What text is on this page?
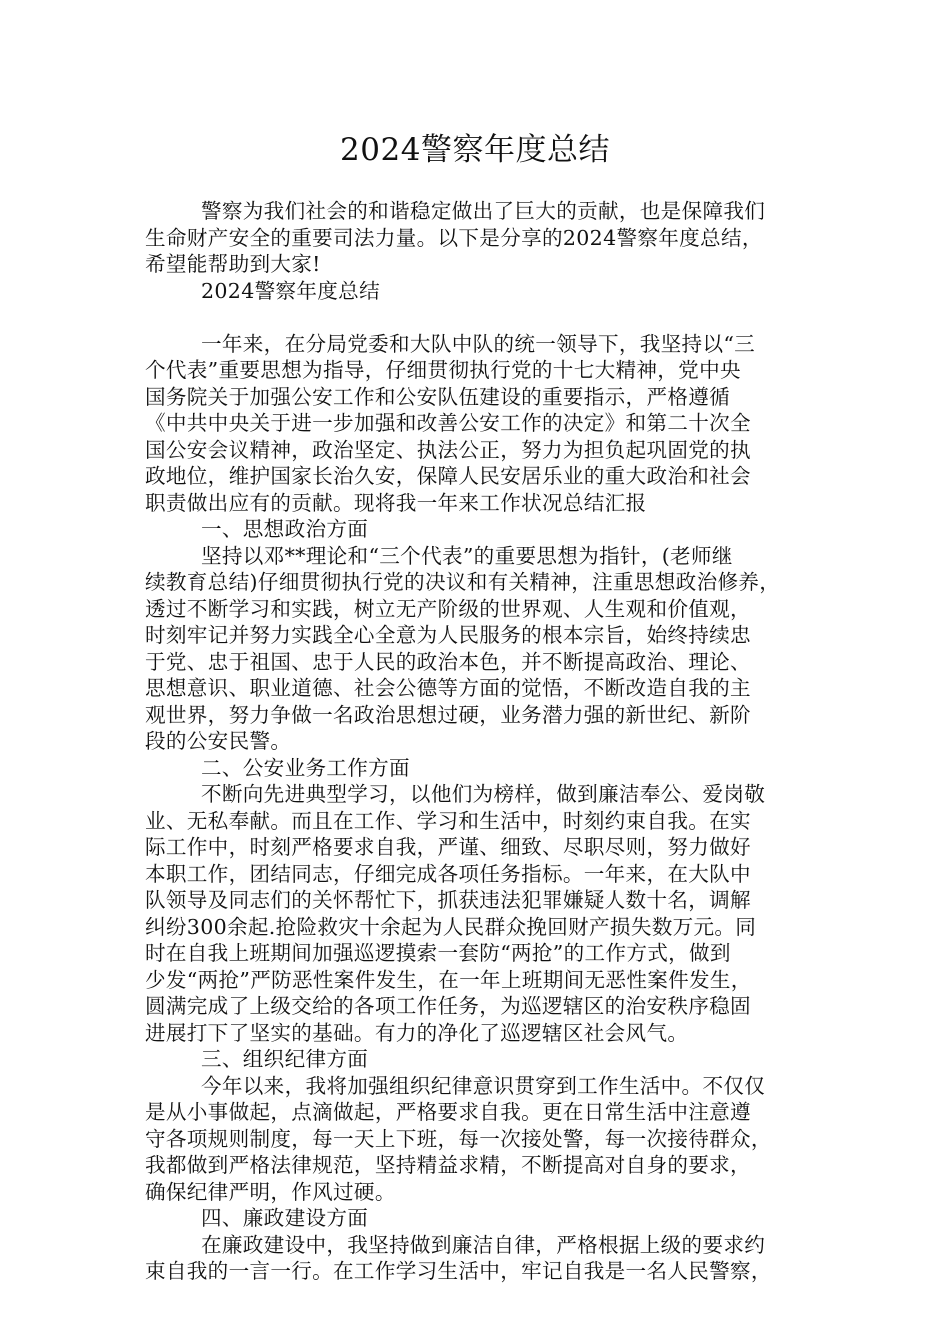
2024警察年度总结
警察为我们社会的和谐稳定做出了巨大的贡献，也是保障我们
生命财产安全的重要司法力量。以下是分享的2024警察年度总结，
希望能帮助到大家!
2024警察年度总结
一年来，在分局党委和大队中队的统一领导下，我坚持以“三
个代表”重要思想为指导，仔细贯彻执行党的十七大精神，党中央
国务院关于加强公安工作和公安队伍建设的重要指示，严格遵循
《中共中央关于进一步加强和改善公安工作的决定》和第二十次全
国公安会议精神，政治坚定、执法公正，努力为担负起巩固党的执
政地位，维护国家长治久安，保障人民安居乐业的重大政治和社会
职责做出应有的贡献。现将我一年来工作状况总结汇报
一、思想政治方面
坚持以邓**理论和“三个代表”的重要思想为指针，(老师继
续教育总结)仔细贯彻执行党的决议和有关精神，注重思想政治修养，
透过不断学习和实践，树立无产阶级的世界观、人生观和价值观，
时刻牢记并努力实践全心全意为人民服务的根本宗旨，始终持续忠
于党、忠于祖国、忠于人民的政治本色，并不断提高政治、理论、
思想意识、职业道德、社会公德等方面的觉悟，不断改造自我的主
观世界，努力争做一名政治思想过硬，业务潜力强的新世纪、新阶
段的公安民警。
二、公安业务工作方面
不断向先进典型学习，以他们为榜样，做到廉洁奉公、爱岗敬
业、无私奉献。而且在工作、学习和生活中，时刻约束自我。在实
际工作中，时刻严格要求自我，严谨、细致、尽职尽则，努力做好
本职工作，团结同志，仔细完成各项任务指标。一年来，在大队中
队领导及同志们的关怀帮忙下，抓获违法犯罪嫌疑人数十名，调解
纠纷300余起.抢险救灾十余起为人民群众挽回财产损失数万元。同
时在自我上班期间加强巡逻摸索一套防“两抢”的工作方式，做到
少发“两抢”严防恶性案件发生，在一年上班期间无恶性案件发生，
圆满完成了上级交给的各项工作任务，为巡逻辖区的治安秩序稳固
进展打下了坚实的基础。有力的净化了巡逻辖区社会风气。
三、组织纪律方面
今年以来，我将加强组织纪律意识贯穿到工作生活中。不仅仅
是从小事做起，点滴做起，严格要求自我。更在日常生活中注意遵
守各项规则制度，每一天上下班，每一次接处警，每一次接待群众，
我都做到严格法律规范，坚持精益求精，不断提高对自身的要求，
确保纪律严明，作风过硬。
四、廉政建设方面
在廉政建设中，我坚持做到廉洁自律，严格根据上级的要求约
束自我的一言一行。在工作学习生活中，牢记自我是一名人民警察，
